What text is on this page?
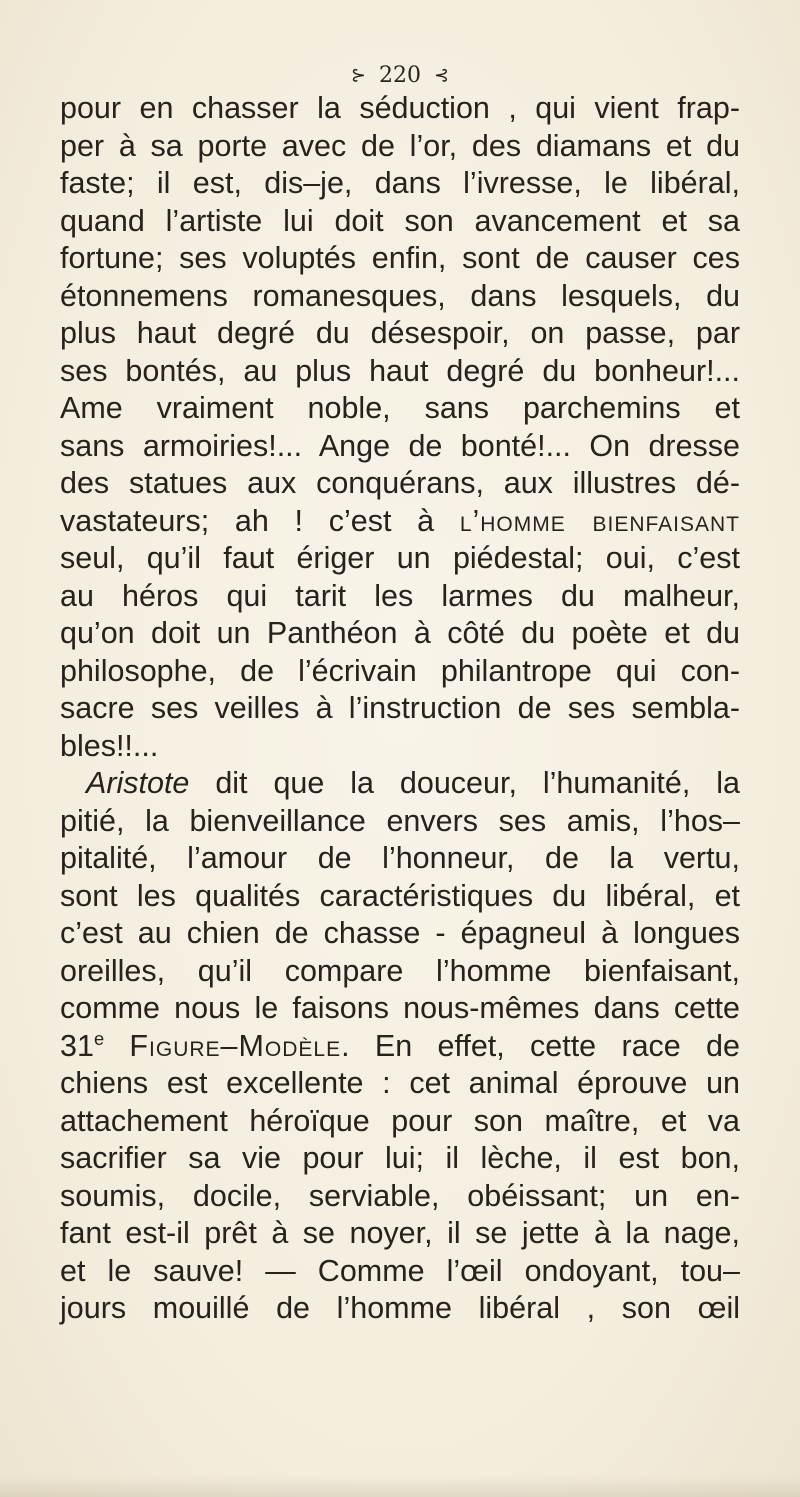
⊱ 220 ⊰
pour en chasser la séduction , qui vient frap-
per à sa porte avec de l’or, des diamans et du
faste; il est, dis–je, dans l’ivresse, le libéral,
quand l’artiste lui doit son avancement et sa
fortune; ses voluptés enfin, sont de causer ces
étonnemens romanesques, dans lesquels, du
plus haut degré du désespoir, on passe, par
ses bontés, au plus haut degré du bonheur!...
Ame vraiment noble, sans parchemins et
sans armoiries!... Ange de bonté!... On dresse
des statues aux conquérans, aux illustres dé-
vastateurs; ah ! c’est à l’homme bienfaisant
seul, qu’il faut ériger un piédestal; oui, c’est
au héros qui tarit les larmes du malheur,
qu’on doit un Panthéon à côté du poète et du
philosophe, de l’écrivain philantrope qui con-
sacre ses veilles à l’instruction de ses sembla-
bles!!...
Aristote dit que la douceur, l’humanité, la
pitié, la bienveillance envers ses amis, l’hos–
pitalité, l’amour de l’honneur, de la vertu,
sont les qualités caractéristiques du libéral, et
c’est au chien de chasse - épagneul à longues
oreilles, qu’il compare l’homme bienfaisant,
comme nous le faisons nous-mêmes dans cette
31e Figure–Modèle. En effet, cette race de
chiens est excellente : cet animal éprouve un
attachement héroïque pour son maître, et va
sacrifier sa vie pour lui; il lèche, il est bon,
soumis, docile, serviable, obéissant; un en-
fant est-il prêt à se noyer, il se jette à la nage,
et le sauve! — Comme l’œil ondoyant, tou–
jours mouillé de l’homme libéral , son œil
